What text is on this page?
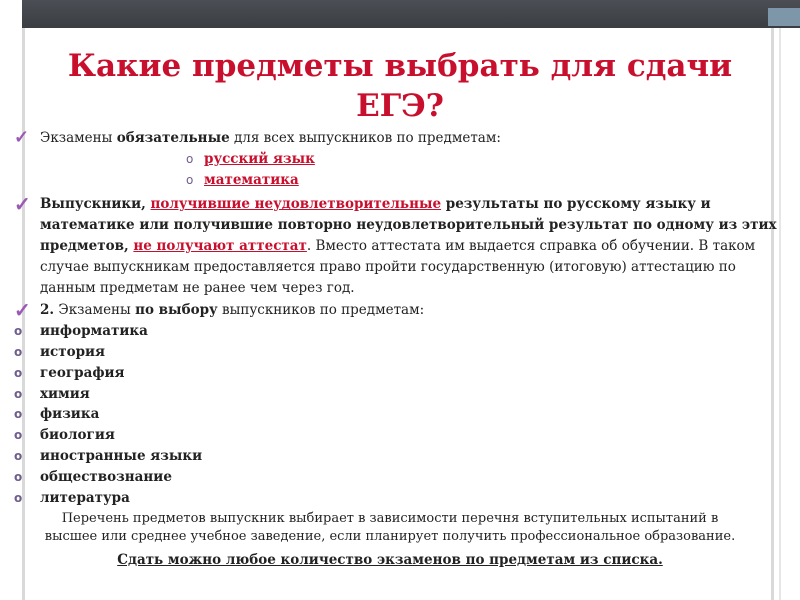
Какие предметы выбрать для сдачи ЕГЭ?
✓ Экзамены обязательные для всех выпускников по предметам:
o русский язык
o математика
✓ Выпускники, получившие неудовлетворительные результаты по русскому языку и математике или получившие повторно неудовлетворительный результат по одному из этих предметов, не получают аттестат. Вместо аттестата им выдается справка об обучении. В таком случае выпускникам предоставляется право пройти государственную (итоговую) аттестацию по данным предметам не ранее чем через год.
✓ 2. Экзамены по выбору выпускников по предметам:
o информатика
o история
o география
o химия
o физика
o биология
o иностранные языки
o обществознание
o литература
Перечень предметов выпускник выбирает в зависимости перечня вступительных испытаний в высшее или среднее учебное заведение, если планирует получить профессиональное образование.
Сдать можно любое количество экзаменов по предметам из списка.
